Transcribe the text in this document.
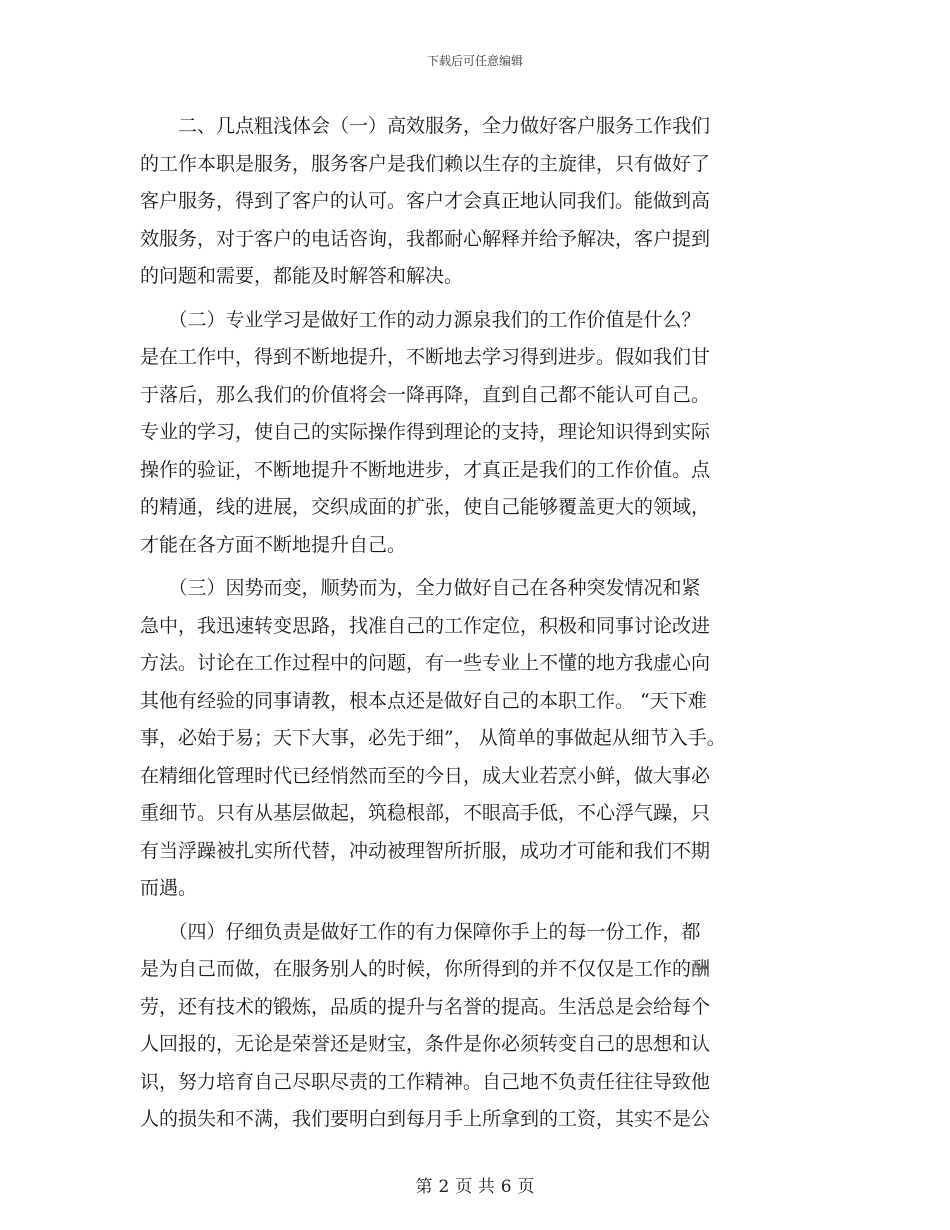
下载后可任意编辑
　　二、几点粗浅体会（一）高效服务，全力做好客户服务工作我们
的工作本职是服务，服务客户是我们赖以生存的主旋律，只有做好了
客户服务，得到了客户的认可。客户才会真正地认同我们。能做到高
效服务，对于客户的电话咨询，我都耐心解释并给予解决，客户提到
的问题和需要，都能及时解答和解决。
　　（二）专业学习是做好工作的动力源泉我们的工作价值是什么？
是在工作中，得到不断地提升，不断地去学习得到进步。假如我们甘
于落后，那么我们的价值将会一降再降，直到自己都不能认可自己。
专业的学习，使自己的实际操作得到理论的支持，理论知识得到实际
操作的验证，不断地提升不断地进步，才真正是我们的工作价值。点
的精通，线的进展，交织成面的扩张，使自己能够覆盖更大的领域，
才能在各方面不断地提升自己。
　　（三）因势而变，顺势而为，全力做好自己在各种突发情况和紧
急中，我迅速转变思路，找准自己的工作定位，积极和同事讨论改进
方法。讨论在工作过程中的问题，有一些专业上不懂的地方我虚心向
其他有经验的同事请教，根本点还是做好自己的本职工作。 “天下难
事，必始于易；天下大事，必先于细”， 从简单的事做起从细节入手。
在精细化管理时代已经悄然而至的今日，成大业若烹小鲜，做大事必
重细节。只有从基层做起，筑稳根部，不眼高手低，不心浮气躁，只
有当浮躁被扎实所代替，冲动被理智所折服，成功才可能和我们不期
而遇。
　　（四）仔细负责是做好工作的有力保障你手上的每一份工作，都
是为自己而做，在服务别人的时候，你所得到的并不仅仅是工作的酬
劳，还有技术的锻炼，品质的提升与名誉的提高。生活总是会给每个
人回报的，无论是荣誉还是财宝，条件是你必须转变自己的思想和认
识，努力培育自己尽职尽责的工作精神。自己地不负责任往往导致他
人的损失和不满，我们要明白到每月手上所拿到的工资，其实不是公
第 2 页 共 6 页
